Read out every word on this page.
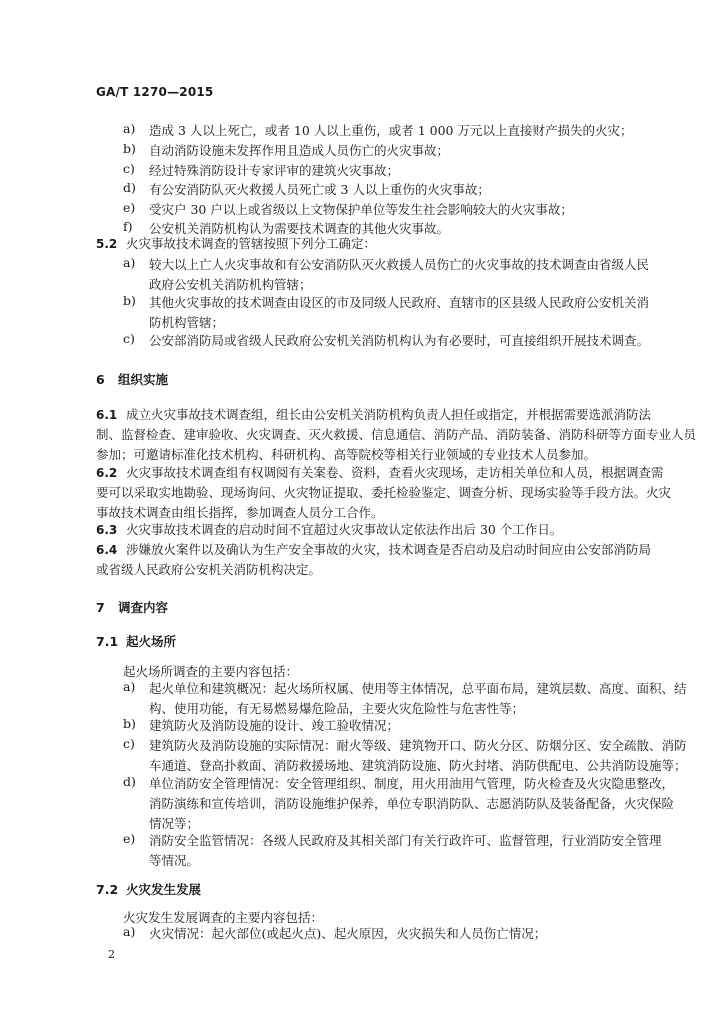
GA/T 1270—2015
a)	造成 3 人以上死亡，或者 10 人以上重伤，或者 1 000 万元以上直接财产损失的火灾；
b)	自动消防设施未发挥作用且造成人员伤亡的火灾事故；
c)	经过特殊消防设计专家评审的建筑火灾事故；
d)	有公安消防队灭火救援人员死亡或 3 人以上重伤的火灾事故；
e)	受灾户 30 户以上或省级以上文物保护单位等发生社会影响较大的火灾事故；
f)	公安机关消防机构认为需要技术调查的其他火灾事故。
5.2 火灾事故技术调查的管辖按照下列分工确定：
a)	较大以上亡人火灾事故和有公安消防队灭火救援人员伤亡的火灾事故的技术调查由省级人民
政府公安机关消防机构管辖；
b)	其他火灾事故的技术调查由设区的市及同级人民政府、直辖市的区县级人民政府公安机关消
防机构管辖；
c)	公安部消防局或省级人民政府公安机关消防机构认为有必要时，可直接组织开展技术调查。
6 组织实施
6.1 成立火灾事故技术调查组，组长由公安机关消防机构负责人担任或指定，并根据需要选派消防法
制、监督检查、建审验收、火灾调查、灭火救援、信息通信、消防产品、消防装备、消防科研等方面专业人员
参加；可邀请标准化技术机构、科研机构、高等院校等相关行业领域的专业技术人员参加。
6.2 火灾事故技术调查组有权调阅有关案卷、资料，查看火灾现场，走访相关单位和人员，根据调查需
要可以采取实地勘验、现场询问、火灾物证提取、委托检验鉴定、调查分析、现场实验等手段方法。火灾
事故技术调查由组长指挥，参加调查人员分工合作。
6.3 火灾事故技术调查的启动时间不宜超过火灾事故认定依法作出后 30 个工作日。
6.4 涉嫌放火案件以及确认为生产安全事故的火灾，技术调查是否启动及启动时间应由公安部消防局
或省级人民政府公安机关消防机构决定。
7 调查内容
7.1 起火场所
起火场所调查的主要内容包括：
a)	起火单位和建筑概况：起火场所权属、使用等主体情况，总平面布局，建筑层数、高度、面积、结
构、使用功能，有无易燃易爆危险品，主要火灾危险性与危害性等；
b)	建筑防火及消防设施的设计、竣工验收情况；
c)	建筑防火及消防设施的实际情况：耐火等级、建筑物开口、防火分区、防烟分区、安全疏散、消防
车通道、登高扑救面、消防救援场地、建筑消防设施、防火封堵、消防供配电、公共消防设施等；
d)	单位消防安全管理情况：安全管理组织、制度，用火用油用气管理，防火检查及火灾隐患整改，
消防演练和宣传培训，消防设施维护保养，单位专职消防队、志愿消防队及装备配备，火灾保险
情况等；
e)	消防安全监管情况：各级人民政府及其相关部门有关行政许可、监督管理，行业消防安全管理
等情况。
7.2 火灾发生发展
火灾发生发展调查的主要内容包括：
a)	火灾情况：起火部位(或起火点)、起火原因，火灾损失和人员伤亡情况；
2
